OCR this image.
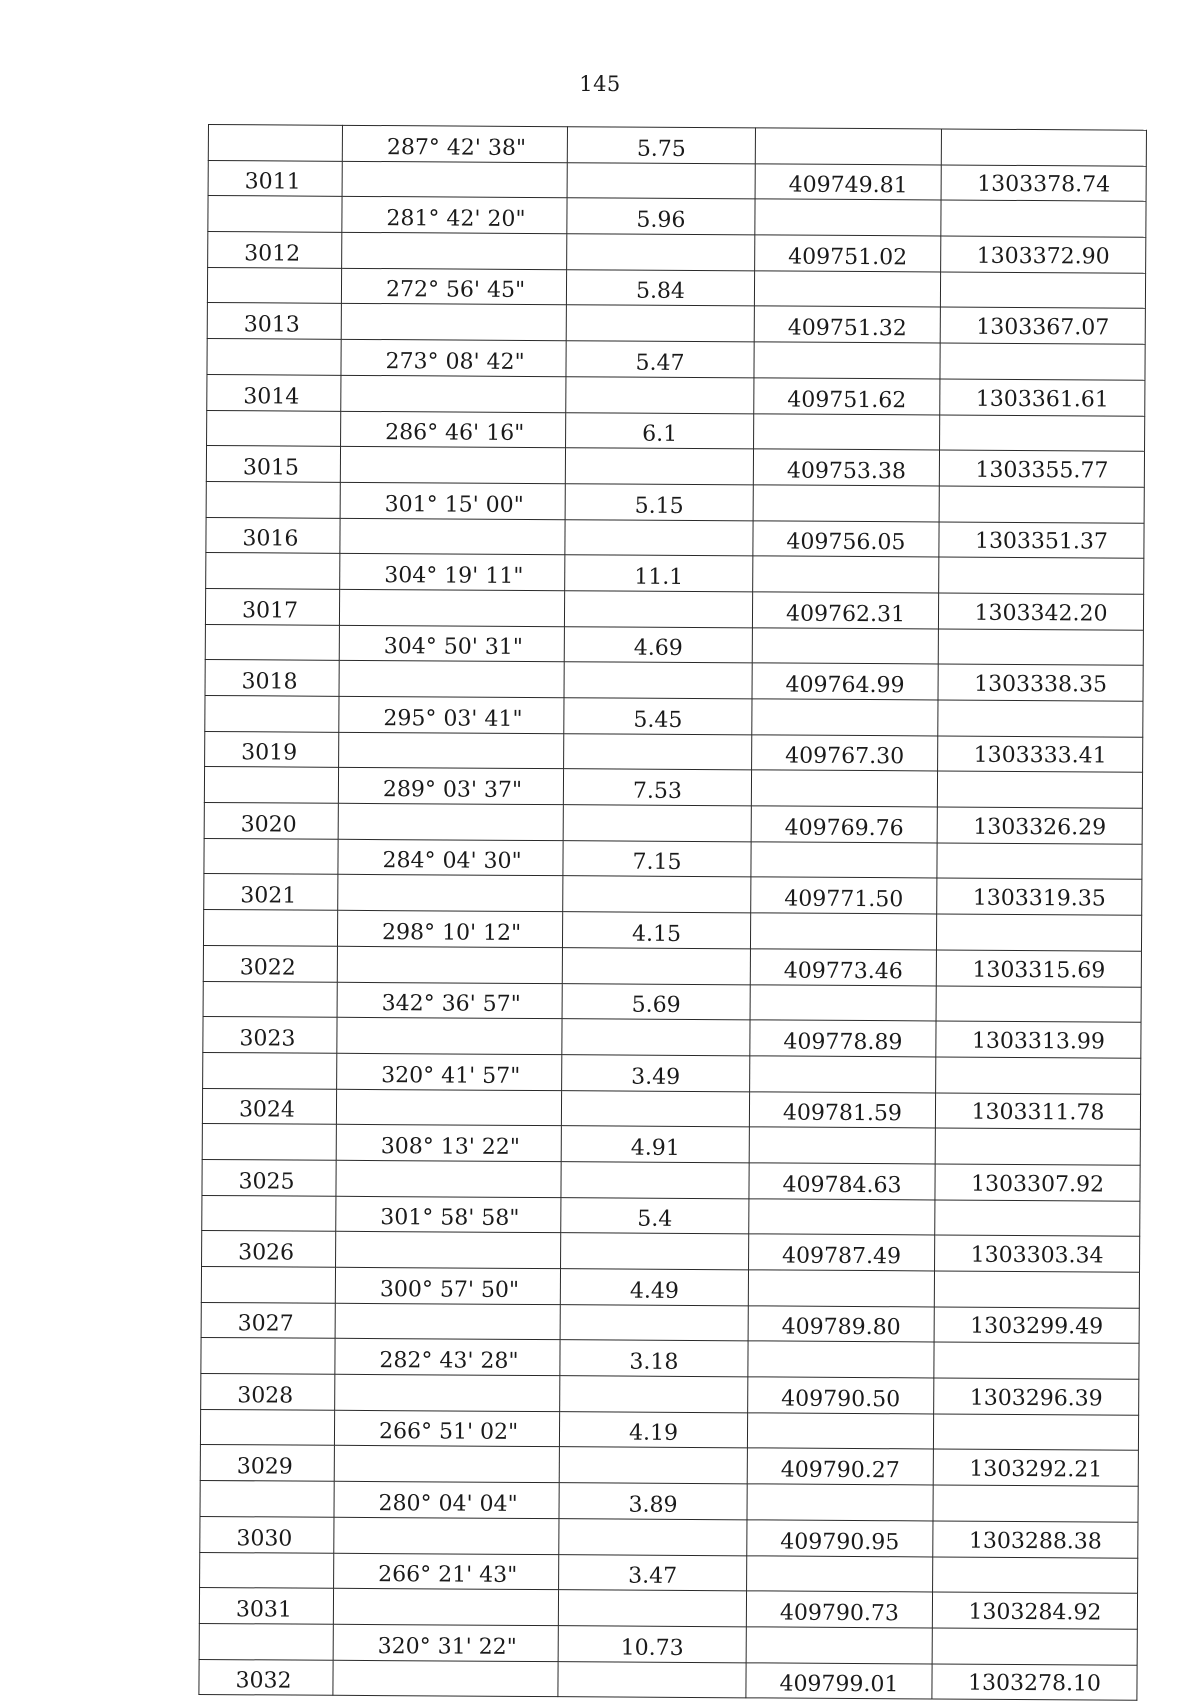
145
	287° 42' 38"	5.75		
3011			409749.81	1303378.74
	281° 42' 20"	5.96		
3012			409751.02	1303372.90
	272° 56' 45"	5.84		
3013			409751.32	1303367.07
	273° 08' 42"	5.47		
3014			409751.62	1303361.61
	286° 46' 16"	6.1		
3015			409753.38	1303355.77
	301° 15' 00"	5.15		
3016			409756.05	1303351.37
	304° 19' 11"	11.1		
3017			409762.31	1303342.20
	304° 50' 31"	4.69		
3018			409764.99	1303338.35
	295° 03' 41"	5.45		
3019			409767.30	1303333.41
	289° 03' 37"	7.53		
3020			409769.76	1303326.29
	284° 04' 30"	7.15		
3021			409771.50	1303319.35
	298° 10' 12"	4.15		
3022			409773.46	1303315.69
	342° 36' 57"	5.69		
3023			409778.89	1303313.99
	320° 41' 57"	3.49		
3024			409781.59	1303311.78
	308° 13' 22"	4.91		
3025			409784.63	1303307.92
	301° 58' 58"	5.4		
3026			409787.49	1303303.34
	300° 57' 50"	4.49		
3027			409789.80	1303299.49
	282° 43' 28"	3.18		
3028			409790.50	1303296.39
	266° 51' 02"	4.19		
3029			409790.27	1303292.21
	280° 04' 04"	3.89		
3030			409790.95	1303288.38
	266° 21' 43"	3.47		
3031			409790.73	1303284.92
	320° 31' 22"	10.73		
3032			409799.01	1303278.10
